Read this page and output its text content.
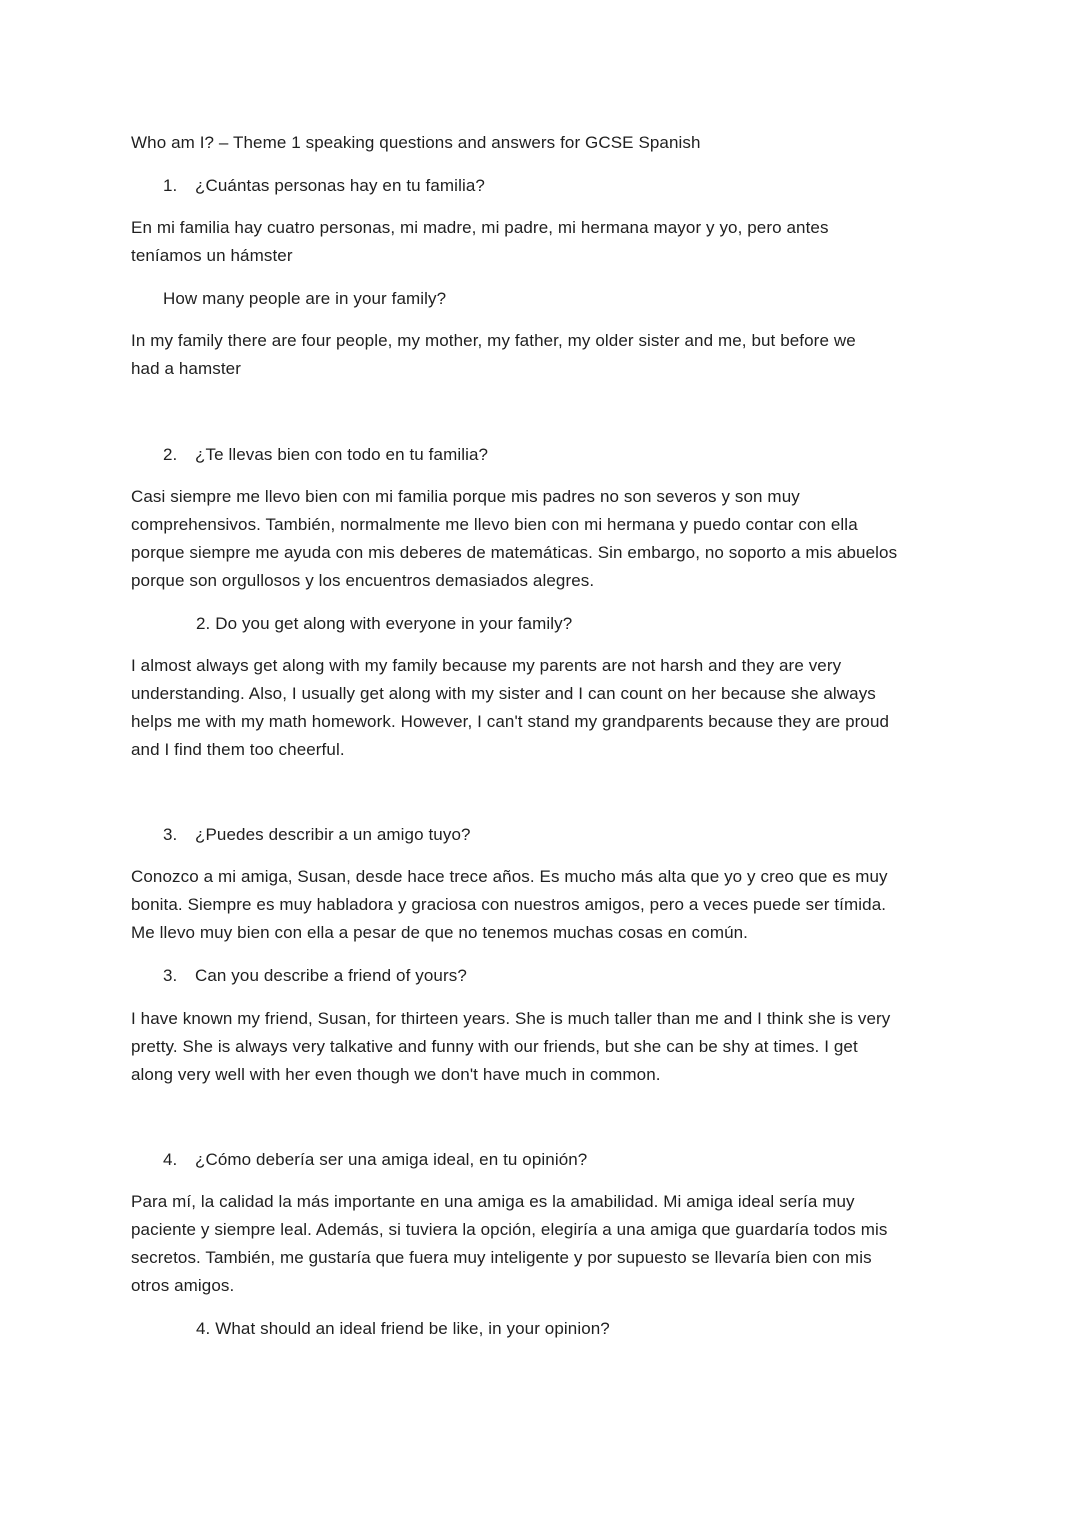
Who am I? – Theme 1 speaking questions and answers for GCSE Spanish
1. ¿Cuántas personas hay en tu familia?
En mi familia hay cuatro personas, mi madre, mi padre, mi hermana mayor y yo, pero antes
teníamos un hámster
How many people are in your family?
In my family there are four people, my mother, my father, my older sister and me, but before we
had a hamster
2. ¿Te llevas bien con todo en tu familia?
Casi siempre me llevo bien con mi familia porque mis padres no son severos y son muy
comprehensivos. También, normalmente me llevo bien con mi hermana y puedo contar con ella
porque siempre me ayuda con mis deberes de matemáticas. Sin embargo, no soporto a mis abuelos
porque son orgullosos y los encuentros demasiados alegres.
2. Do you get along with everyone in your family?
I almost always get along with my family because my parents are not harsh and they are very
understanding. Also, I usually get along with my sister and I can count on her because she always
helps me with my math homework. However, I can't stand my grandparents because they are proud
and I find them too cheerful.
3. ¿Puedes describir a un amigo tuyo?
Conozco a mi amiga, Susan, desde hace trece años. Es mucho más alta que yo y creo que es muy
bonita. Siempre es muy habladora y graciosa con nuestros amigos, pero a veces puede ser tímida.
Me llevo muy bien con ella a pesar de que no tenemos muchas cosas en común.
3. Can you describe a friend of yours?
I have known my friend, Susan, for thirteen years. She is much taller than me and I think she is very
pretty. She is always very talkative and funny with our friends, but she can be shy at times. I get
along very well with her even though we don't have much in common.
4. ¿Cómo debería ser una amiga ideal, en tu opinión?
Para mí, la calidad la más importante en una amiga es la amabilidad. Mi amiga ideal sería muy
paciente y siempre leal. Además, si tuviera la opción, elegiría a una amiga que guardaría todos mis
secretos. También, me gustaría que fuera muy inteligente y por supuesto se llevaría bien con mis
otros amigos.
4. What should an ideal friend be like, in your opinion?
